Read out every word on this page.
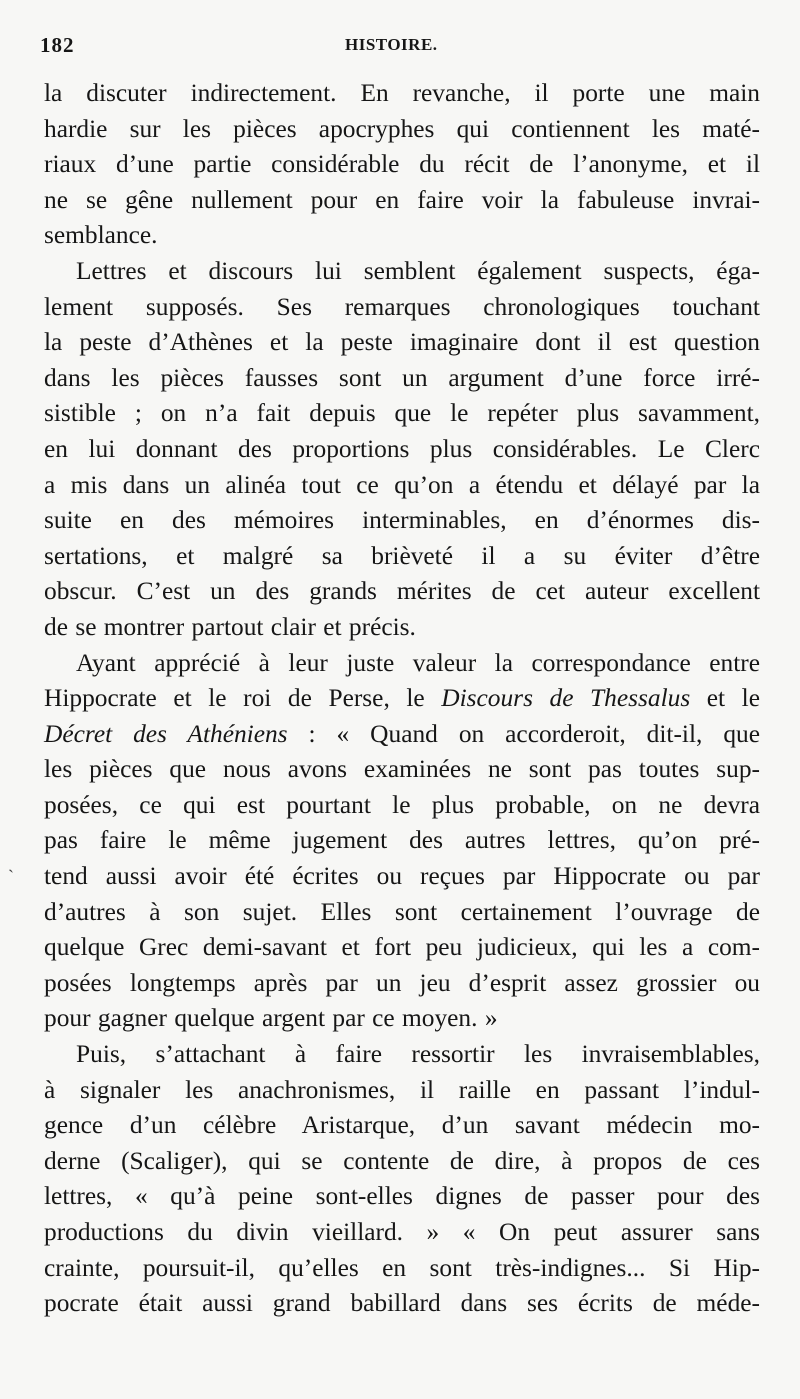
182	HISTOIRE.
la discuter indirectement. En revanche, il porte une main
hardie sur les pièces apocryphes qui contiennent les maté-
riaux d’une partie considérable du récit de l’anonyme, et il
ne se gêne nullement pour en faire voir la fabuleuse invrai-
semblance.
Lettres et discours lui semblent également suspects, éga-
lement supposés. Ses remarques chronologiques touchant
la peste d’Athènes et la peste imaginaire dont il est question
dans les pièces fausses sont un argument d’une force irré-
sistible ; on n’a fait depuis que le repéter plus savamment,
en lui donnant des proportions plus considérables. Le Clerc
a mis dans un alinéa tout ce qu’on a étendu et délayé par la
suite en des mémoires interminables, en d’énormes dis-
sertations, et malgré sa brièveté il a su éviter d’être
obscur. C’est un des grands mérites de cet auteur excellent
de se montrer partout clair et précis.
Ayant apprécié à leur juste valeur la correspondance entre
Hippocrate et le roi de Perse, le Discours de Thessalus et le
Décret des Athéniens : « Quand on accorderoit, dit-il, que
les pièces que nous avons examinées ne sont pas toutes sup-
posées, ce qui est pourtant le plus probable, on ne devra
pas faire le même jugement des autres lettres, qu’on pré-
tend aussi avoir été écrites ou reçues par Hippocrate ou par
d’autres à son sujet. Elles sont certainement l’ouvrage de
quelque Grec demi-savant et fort peu judicieux, qui les a com-
posées longtemps après par un jeu d’esprit assez grossier ou
pour gagner quelque argent par ce moyen. »
Puis, s’attachant à faire ressortir les invraisemblables,
à signaler les anachronismes, il raille en passant l’indul-
gence d’un célèbre Aristarque, d’un savant médecin mo-
derne (Scaliger), qui se contente de dire, à propos de ces
lettres, « qu’à peine sont-elles dignes de passer pour des
productions du divin vieillard. » « On peut assurer sans
crainte, poursuit-il, qu’elles en sont très-indignes... Si Hip-
pocrate était aussi grand babillard dans ses écrits de méde-
˴
